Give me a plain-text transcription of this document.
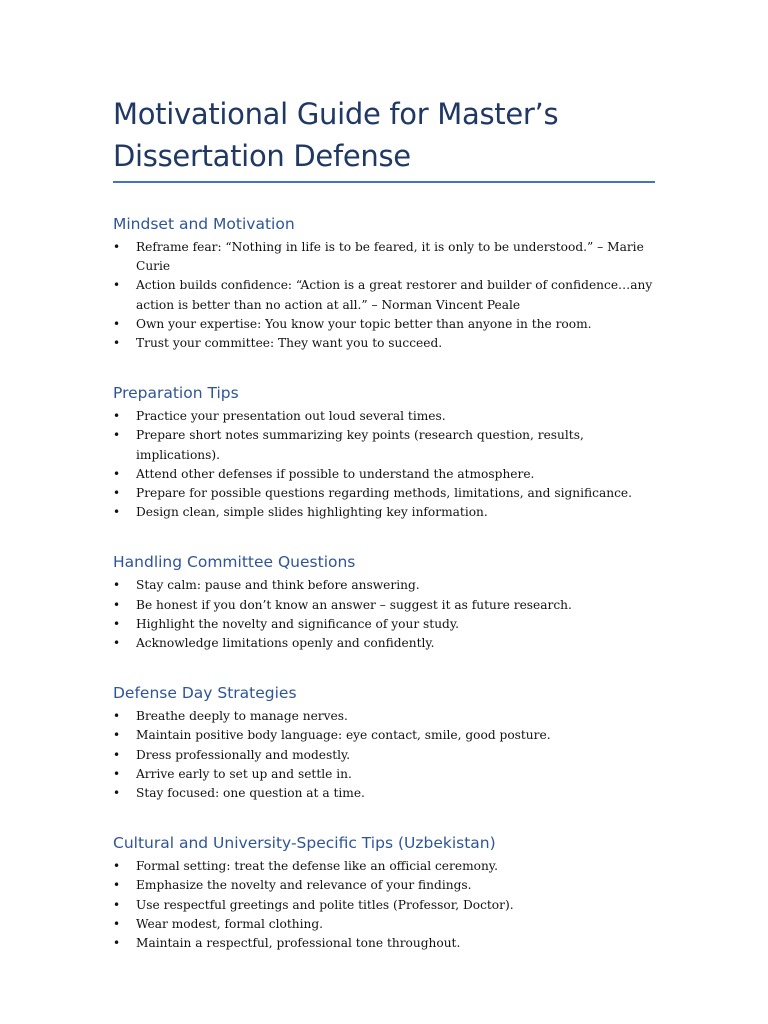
Motivational Guide for Master’s Dissertation Defense
Mindset and Motivation
• Reframe fear: “Nothing in life is to be feared, it is only to be understood.” – Marie Curie
• Action builds confidence: “Action is a great restorer and builder of confidence…any action is better than no action at all.” – Norman Vincent Peale
• Own your expertise: You know your topic better than anyone in the room.
• Trust your committee: They want you to succeed.
Preparation Tips
• Practice your presentation out loud several times.
• Prepare short notes summarizing key points (research question, results, implications).
• Attend other defenses if possible to understand the atmosphere.
• Prepare for possible questions regarding methods, limitations, and significance.
• Design clean, simple slides highlighting key information.
Handling Committee Questions
• Stay calm: pause and think before answering.
• Be honest if you don’t know an answer – suggest it as future research.
• Highlight the novelty and significance of your study.
• Acknowledge limitations openly and confidently.
Defense Day Strategies
• Breathe deeply to manage nerves.
• Maintain positive body language: eye contact, smile, good posture.
• Dress professionally and modestly.
• Arrive early to set up and settle in.
• Stay focused: one question at a time.
Cultural and University-Specific Tips (Uzbekistan)
• Formal setting: treat the defense like an official ceremony.
• Emphasize the novelty and relevance of your findings.
• Use respectful greetings and polite titles (Professor, Doctor).
• Wear modest, formal clothing.
• Maintain a respectful, professional tone throughout.
